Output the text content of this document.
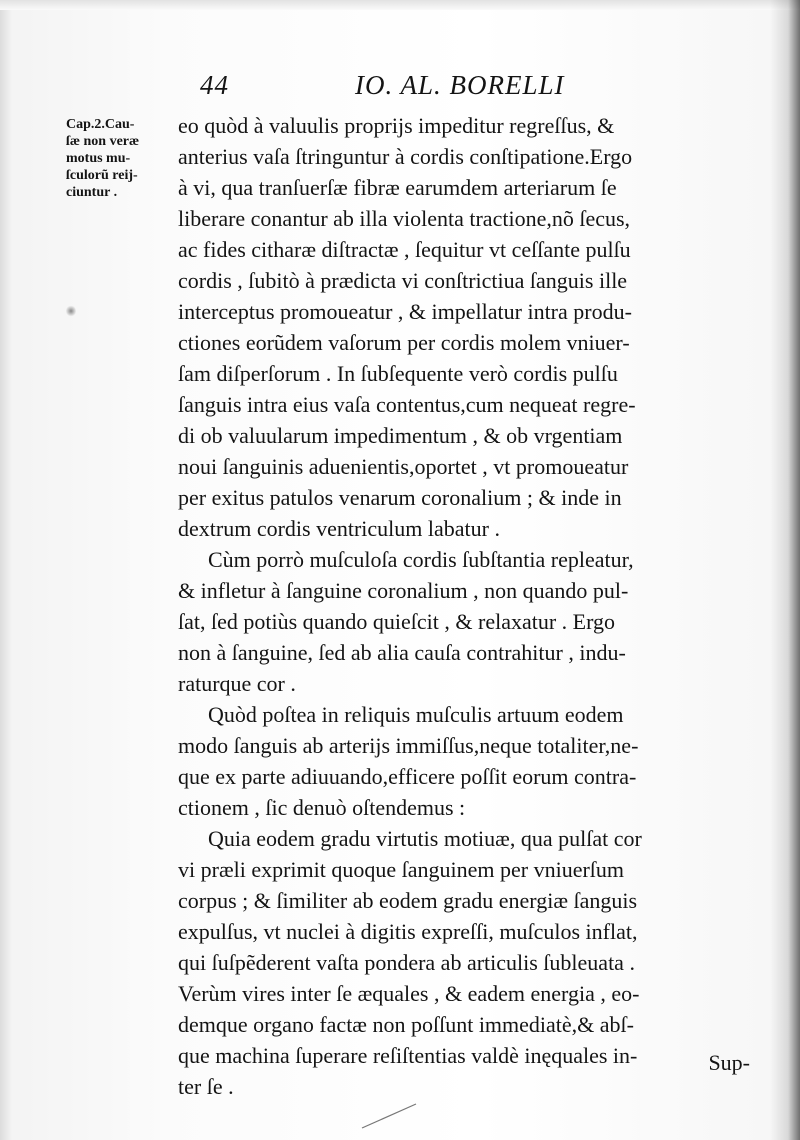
44	IO. AL. BORELLI
Cap.2.Cau-
ſæ non veræ
motus mu-
ſculorũ reij-
ciuntur .
eo quòd à valuulis proprijs impeditur regreſſus, &
anterius vaſa ſtringuntur à cordis conſtipatione.Ergo
à vi, qua tranſuerſæ fibræ earumdem arteriarum ſe
liberare conantur ab illa violenta tractione,nõ ſecus,
ac fides citharæ diſtractæ , ſequitur vt ceſſante pulſu
cordis , ſubitò à prædicta vi conſtrictiua ſanguis ille
interceptus promoueatur , & impellatur intra produ-
ctiones eorũdem vaſorum per cordis molem vniuer-
ſam diſperſorum . In ſubſequente verò cordis pulſu
ſanguis intra eius vaſa contentus,cum nequeat regre-
di ob valuularum impedimentum , & ob vrgentiam
noui ſanguinis aduenientis,oportet , vt promoueatur
per exitus patulos venarum coronalium ; & inde in
dextrum cordis ventriculum labatur .
Cùm porrò muſculoſa cordis ſubſtantia repleatur,
& infletur à ſanguine coronalium , non quando pul-
ſat, ſed potiùs quando quieſcit , & relaxatur . Ergo
non à ſanguine, ſed ab alia cauſa contrahitur , indu-
raturque cor .
Quòd poſtea in reliquis muſculis artuum eodem
modo ſanguis ab arterijs immiſſus,neque totaliter,ne-
que ex parte adiuuando,efficere poſſit eorum contra-
ctionem , ſic denuò oſtendemus :
Quia eodem gradu virtutis motiuæ, qua pulſat cor
vi præli exprimit quoque ſanguinem per vniuerſum
corpus ; & ſimiliter ab eodem gradu energiæ ſanguis
expulſus, vt nuclei à digitis expreſſi, muſculos inflat,
qui ſuſpẽderent vaſta pondera ab articulis ſubleuata .
Verùm vires inter ſe æquales , & eadem energia , eo-
demque organo factæ non poſſunt immediatè,& abſ-
que machina ſuperare reſiſtentias valdè inęquales in-
ter ſe .
Sup-
